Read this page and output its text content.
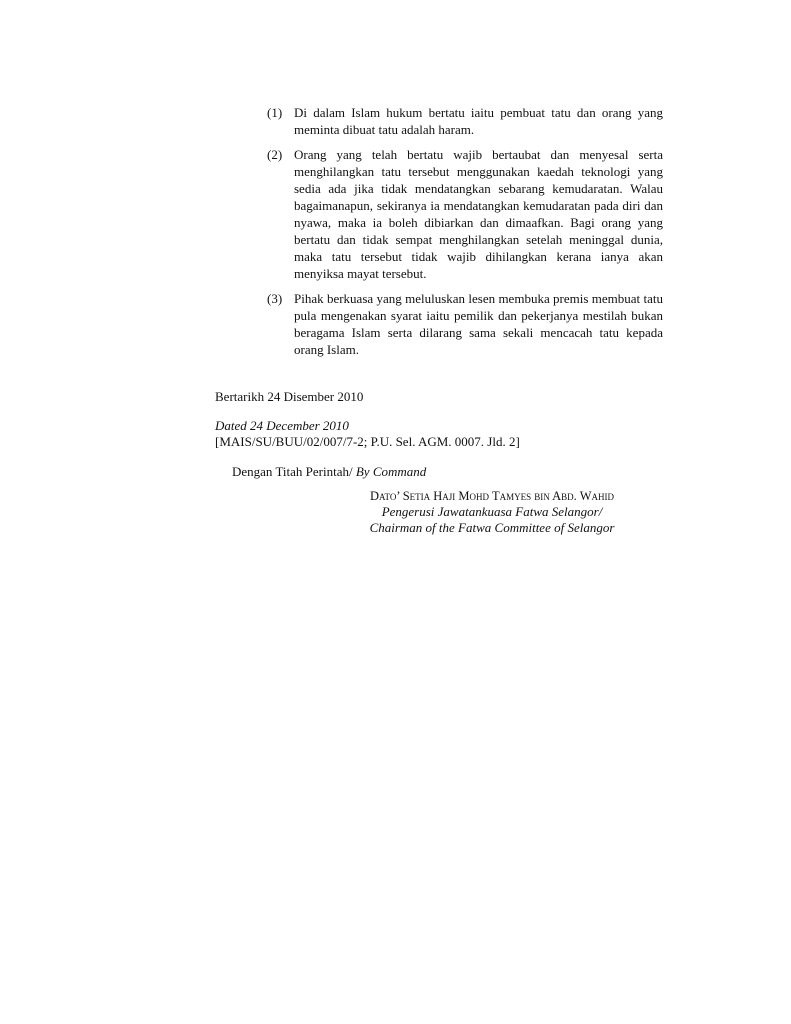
(1) Di dalam Islam hukum bertatu iaitu pembuat tatu dan orang yang meminta dibuat tatu adalah haram.
(2) Orang yang telah bertatu wajib bertaubat dan menyesal serta menghilangkan tatu tersebut menggunakan kaedah teknologi yang sedia ada jika tidak mendatangkan sebarang kemudaratan. Walau bagaimanapun, sekiranya ia mendatangkan kemudaratan pada diri dan nyawa, maka ia boleh dibiarkan dan dimaafkan. Bagi orang yang bertatu dan tidak sempat menghilangkan setelah meninggal dunia, maka tatu tersebut tidak wajib dihilangkan kerana ianya akan menyiksa mayat tersebut.
(3) Pihak berkuasa yang meluluskan lesen membuka premis membuat tatu pula mengenakan syarat iaitu pemilik dan pekerjanya mestilah bukan beragama Islam serta dilarang sama sekali mencacah tatu kepada orang Islam.
Bertarikh 24 Disember 2010
Dated 24 December 2010
[MAIS/SU/BUU/02/007/7-2; P.U. Sel. AGM. 0007. Jld. 2]
Dengan Titah Perintah/ By Command
Dato’ Setia Haji Mohd Tamyes bin Abd. Wahid
Pengerusi Jawatankuasa Fatwa Selangor/
Chairman of the Fatwa Committee of Selangor
